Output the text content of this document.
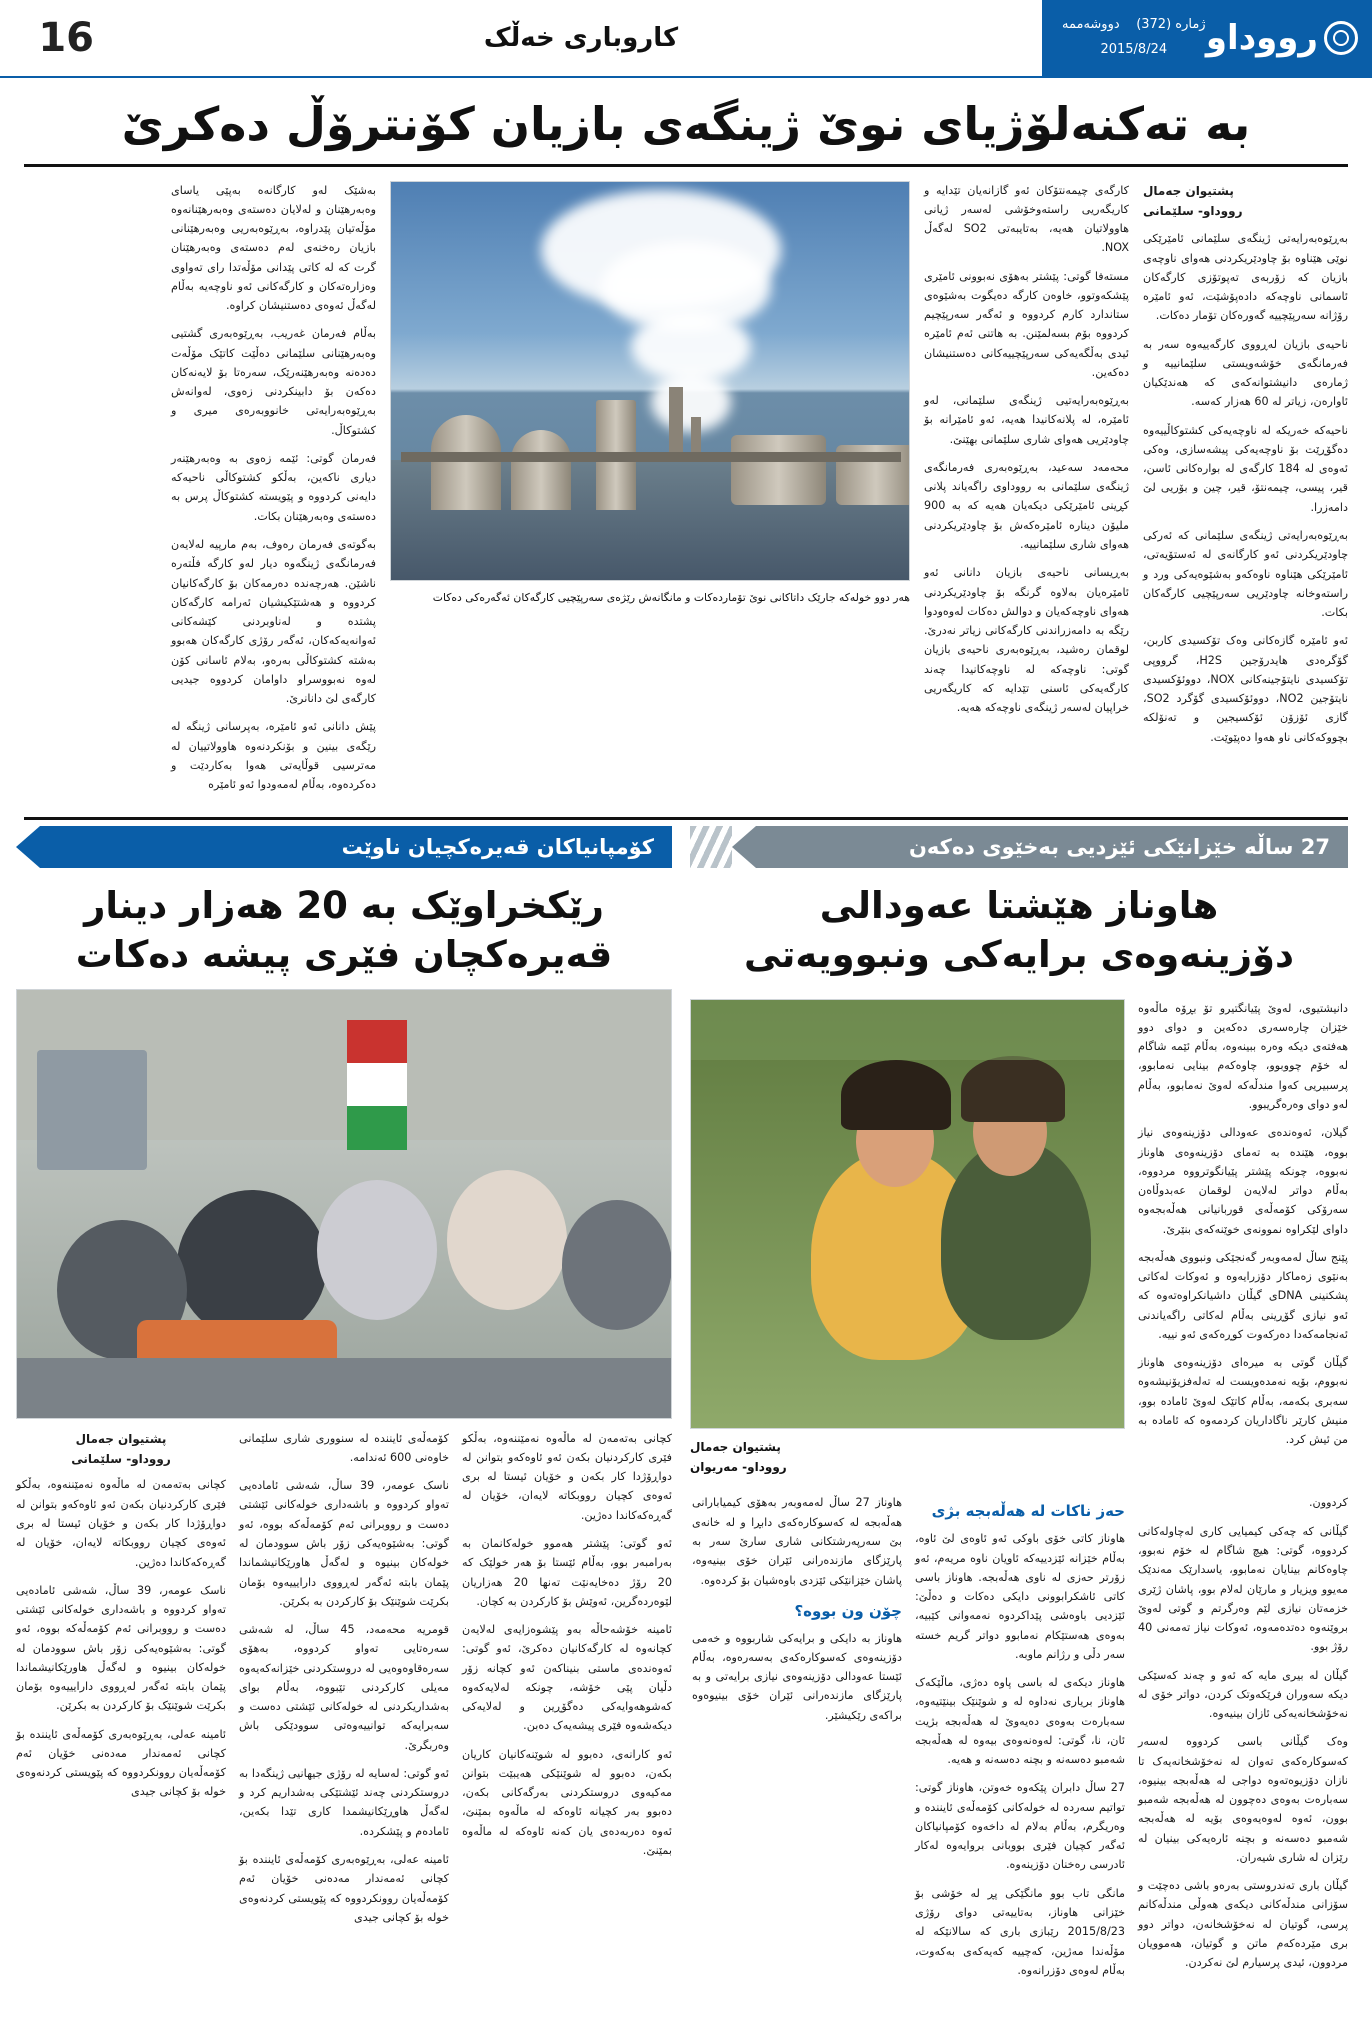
رووداو
ژمارە (372)    دووشەممە
2015/8/24
کاروباری خەڵک
16
بە تەکنەلۆژیای نوێ ژینگەی بازیان کۆنترۆڵ دەکرێ
پشتیوان جەمال
رووداو- سلێمانی

بەڕێوەبەرایەتی ژینگەی سلێمانی ئامێرێکی نوێی هێناوە بۆ چاودێریکردنی هەوای ناوچەی بازیان کە زۆربەی تەپوتۆزی کارگەکان ئاسمانی ناوچەکە دادەپۆشێت، ئەو ئامێرە رۆژانە سەرپێچییە گەورەکان تۆمار دەکات.

ناحیەی بازیان لەڕووی کارگەییەوە سەر بە فەرمانگەی خۆشەویستی سلێمانییە و ژمارەی دانیشتوانەکەی کە هەندێکیان ئاوارەن، زیاتر لە 60 هەزار کەسە.

ناحیەکە خەریکە لە ناوچەیەکی کشتوکاڵییەوە دەگۆڕێت بۆ ناوچەیەکی پیشەسازی، وەکی ئەوەی لە 184 کارگەی لە بوارەکانی ئاسن، قیر، پیسی، چیمەنتۆ، قیر، چین و بۆریی لێ دامەزرا.

بەڕێوەبەرایەتی ژینگەی سلێمانی کە ئەرکی چاودێریکردنی ئەو کارگانەی لە ئەستۆیەتی، ئامێرێکی هێناوە ناوەکەو بەشێوەیەکی ورد و راستەوخانە چاودێریی سەرپێچیی کارگەکان بکات.

ئەو ئامێرە گازەکانی وەک تۆکسیدی کاربن، گۆگرەدی هایدرۆجین H2S، گرووپی تۆکسیدی نایتۆجینەکانی NOX، دووئۆکسیدی نایتۆجین NO2، دووئۆکسیدی گۆگرد SO2، گازی ئۆزۆن ئۆکسیجین و تەنۆلکە بچووکەکانی ناو هەوا دەپێوێت.

کارگەی چیمەنتۆکان ئەو گازانەیان تێدایە و کاریگەریی راستەوخۆشی لەسەر ژیانی هاوولاتیان هەیە، بەتایبەتی SO2 لەگەڵ NOX.

مستەفا گوتی: پێشتر بەهۆی نەبوونی ئامێری پێشکەوتوو، خاوەن کارگە دەیگوت بەشێوەی ستاندارد کارم کردووە و ئەگەر سەرپێچیم کردووە بۆم بسەلمێنن. بە هاتنی ئەم ئامێرە ئیدی بەڵگەیەکی سەرپێچییەکانی دەستنیشان دەکەین.

بەڕێوەبەرایەتیی ژینگەی سلێمانی، لەو ئامێرە، لە پلانەکانیدا هەیە، ئەو ئامێرانە بۆ چاودێریی هەوای شاری سلێمانی بهێنێ.

محەمەد سەعید، بەڕێوەبەری فەرمانگەی ژینگەی سلێمانی بە رووداوی راگەیاند پلانی کڕینی ئامێرێکی دیکەیان هەیە کە بە 900 ملیۆن دینارە ئامێرەکەش بۆ چاودێریکردنی هەوای شاری سلێمانییە.

بەڕیسانی ناحیەی بازیان دانانی ئەو ئامێرەیان بەلاوە گرنگە بۆ چاودێریکردنی هەوای ناوچەکەیان و دوالش دەکات لەوەودوا رێگە بە دامەزراندنی کارگەکانی زیاتر نەدرێ. لوقمان رەشید، بەڕێوەبەری ناحیەی بازیان گوتی: ناوچەکە لە ناوچەکانیدا چەند کارگەیەکی ئاسنی تێدایە کە کاریگەریی خراپیان لەسەر ژینگەی ناوچەکە هەیە.

هەر دوو خولەکە جارێک داتاکانی نوێ تۆماردەکات و مانگانەش رێژەی سەرپێچیی کارگەکان ئەگەرەکی دەکات

بەشێک لەو کارگانەە بەپێی یاسای وەبەرهێنان و لەلایان دەستەی وەبەرهێنانەوە مۆڵەتیان پێدراوە، بەڕێوەبەریی وەبەرهێنانی بازیان رەخنەی لەم دەستەی وەبەرهێنان گرت کە لە کاتی پێدانی مۆڵەتدا رای تەواوی وەزارەتەکان و کارگەکانی ئەو ناوچەیە بەڵام لەگەڵ ئەوەی دەستنیشان کراوە.

بەڵام فەرمان غەریب، بەڕێوەبەری گشتیی وەبەرهێنانی سلێمانی دەڵێت کاتێک مۆڵەت دەدەنە وەبەرهێنەرێک، سەرەتا بۆ لایەنەکان دەکەن بۆ دابینکردنی زەوی، لەوانەش بەڕێوەبەرایەتی خانووبەرەی میری و کشتوکاڵ.

فەرمان گوتی: ئێمە زەوی بە وەبەرهێنەر دیاری ناکەین، بەڵکو کشتوکاڵی ناحیەکە دایەنی کردووە و پێویستە کشتوکاڵ پرس بە دەستەی وەبەرهێنان بکات.

بەگوتەی فەرمان رەوف، بەم مارپیە لەلایەن فەرمانگەی ژینگەوە دیار لەو کارگە فڵتەرە ناشێن. هەرچەندە دەرمەکان بۆ کارگەکانیان کردووە و هەشتێکیشیان ئەرامە کارگەکان پشتدە و لەناوبردنی کێشەکانی ئەوانەیەکەکان، ئەگەر رۆژی کارگەکان هەبوو بەشتە کشتوکاڵی بەرەو، بەلام ئاسانی کۆن لەوە نەبووسراو داوامان کردووە جیدیی کارگەی لێ دانانرێ.

پێش دانانی ئەو ئامێرە، بەپرسانی ژینگە لە رێگەی بینین و بۆنکردنەوە هاوولاتییان لە مەترسیی قوڵایەتی هەوا بەکاردێت و دەکردەوە، بەڵام لەمەودوا ئەو ئامێرە

27 ساڵە خێزانێکی ئێزدیی بەخێوی دەکەن
هاوناز هێشتا عەودالی
دۆزینەوەی برایەکی ونبوویەتی

دانیشتیوی، لەوێ پێیانگتیرو تۆ بڕۆە ماڵەوە خێزان چارەسەری دەکەین و دوای دوو هەفتەی دیکە وەرە ببینەوە، بەڵام ئێمە شاگام لە خۆم چووبوو، چاوەکەم بینایی نەمابوو، پرسبیریی کەوا مندڵەکە لەوێ نەمابوو، بەڵام لەو دوای وەرەگریبوو.

گیلان، ئەوەندەی عەودالی دۆزینەوەی نیاز بووە، هێندە بە تەمای دۆزینەوەی هاوناز نەبووە، چونکە پێشتر پێیانگوترووە مردووە، بەڵام دواتر لەلایەن لوقمان عەبدوڵاەن سەرۆکی کۆمەڵەی قوربانیانی هەڵەبجەوە داوای لێکراوە نموونەی خوێنەکەی بنێرێ.

پێنج ساڵ لەمەوبەر گەنجێکی ونبووی هەڵەبجە بەنێوی زەماکار دۆزرایەوە و ئەوکات لەکاتی پشکنینی DNAی گیڵان داشیانکراوەتەوە کە ئەو نیازی گۆڕینی بەڵام لەکاتی راگەیاندنی ئەنجامەکەدا دەرکەوت کوڕەکەی ئەو نییە.

گیڵان گوتی بە میرەای دۆزینەوەی هاوناز نەبووم، بۆیە نەمدەویست لە تەلەفزیۆنیشەوە سەبری بکەمە، بەڵام کاتێک لەوێ ئامادە بوو، منیش کارێر ناگاداریان کردمەوە کە ئامادە بە من ئیش کرد.

پشتیوان جەمال
رووداو- مەریوان

کردوون.

گیڵانی کە چەکی کیمیایی کاری لەچاولەکانی کردووە، گوتی: هیچ شاگام لە خۆم نەبوو، چاوەکانم بینایان نەمابوو، یاسدارێک مەندێک مەیوو ویزیار و مارێان لەلام بوو، پاشان ژێری خزمەتان نیازی لێم وەرگرتم و گوتی لەوێ بروێنەوە دەتدەمەوە، ئەوکات نیاز تەمەنی 40 رۆژ بوو.

گیڵان لە بیری مایە کە ئەو و چەند کەسێکی دیکە سەوران فرێکەوتک کردن، دواتر خۆی لە نەخۆشخانەیەکی ئازان بینیەوە.

وەک گیڵانی باسی کردووە لەسەر کەسوکارەکەی تەوان لە نەخۆشخانەیەک تا نازان دۆزیوەتەوە دواجی لە هەڵەبجە بینیوە، سەبارەت بەوەی دەچوون لە هەڵەبجە شەمبو بوون، ئەوە لەوەیەوەی بۆیە لە هەڵەبجە شەمبو دەسەنە و بچنە ئارەیەکی بینیان لە رێزان لە شاری شیەران.

گیڵان باری تەندروستی بەرەو باشی دەچێت و سۆزانی مندڵەکانی دیکەی هەوڵی مندڵەکانم پرسی، گوتیان لە نەخۆشخانەن، دواتر دوو بری مێردەکەم ماتن و گوتیان، هەموویان مردوون، ئیدی پرسیارم لێ نەکردن.

حەز ناکات لە هەڵەبجە بژی

هاوناز کاتی خۆی باوکی ئەو ئاوەی لێ ئاوە، بەڵام خێزانە ئێزدییەکە ئاویان ناوە مریەم، ئەو زۆرتر حەزی لە ناوی هەڵەبجە. هاوناز باسی کاتی ئاشکرابوونی دایکی دەکات و دەڵێ: ئێزدیی باوەشی پێداکردوە نەمەوانی کێبیە، بەوەی هەستێکام نەمابوو دواتر گریم خستە سەر دڵی و رژانم ماوبە.

هاوناز دیکەی لە باسی پاوە دەژی، ماڵێکەک هاوناز بریاری نەداوە لە و شوێنێک بینێتیەوە، سەبارەت بەوەی دەیەوێ لە هەڵەبجە بژیت ئان، نا، گوتی: لەوەنەوەی بیەوە لە هەڵەبجە شەمبو دەسەنە و بچنە دەسەنە و هەیە.

27 ساڵ دابران پێکەوە خەوتن، هاوناز گوتی: تواتیم سەردە لە خولەکانی کۆمەڵەی ئاینندە و وەریگرم، بەڵام بەلام لە داخەوە کۆمپانیاکان ئەگەر کچیان فێری بووبانی بروایەوە لەکار ئادرسی رەخنان دۆزینەوە.

مانگی تاب بوو مانگێکی پڕ لە خۆشی بۆ خێزانی هاوناز، بەتاییەتی دوای رۆژی 2015/8/23 رێبازی باری کە سالانێکە لە مۆڵەندا مەژین، کەچییە کەیەکەی بەکەوت، بەڵام لەوەی دۆزرانەوە.

هاوناز 27 ساڵ لەمەوبەر بەهۆی کیمیابارانی هەڵەبجە لە کەسوکارەکەی دابڕا و لە خانەی بێ سەرپەرشتکانی شاری سارێ سەر بە پارێزگای مازندەرانی ئێران خۆی بینیەوە، پاشان خێزانێکی ئێزدی باوەشیان بۆ کردەوە.

چۆن ون بووە؟

هاوناز بە دایکی و برایەکی شاربووە و خەمی دۆزینەوەی کەسوکارەکەی بەسەرەوە، بەڵام ئێستا عەودالی دۆزینەوەی نیازی برایەتی و بە پارێزگای مازندەرانی ئێران خۆی بینیوەوە براکەی رێکیشێر.

کۆمپانیاکان قەیرەکچیان ناوێت
رێکخراوێک بە 20 هەزار دینار
قەیرەکچان فێری پیشە دەکات

کچانی بەتەمەن لە ماڵەوە نەمێننەوە، بەڵکو فێری کارکردنیان بکەن ئەو ئاوەکەو بتوانن لە دواڕۆژدا کار بکەن و خۆیان ئیستا لە بری ئەوەی کچیان رووبکاتە لایەان، خۆیان لە گەڕەکەکاندا دەژین.

ئەو گوتی: پێشتر هەموو خولەکانمان بە بەرامبەر بوو، بەڵام ئێستا بۆ هەر خولێک کە 20 رۆژ دەخایەنێت تەنها 20 هەزاریان لێوەردەگرین، ئەوێش بۆ کارکردن بە کچان.

ئامینە خۆشەحاڵە بەو پێشوەزایەی لەلایەن کچانەوە لە کارگەکانیان دەکرێ، ئەو گوتی: ئەوەندەی ماستی بنیناکەن ئەو کچانە زۆر دڵیان پێی خۆشە، چونکە لەلایەکەوە کەشوهەوایەکی دەگۆڕین و لەلایەکی دیکەشەوە فێری پیشەیەک دەبن.

ئەو کارانەی، دەبوو لە شوێنەکانیان کاریان بکەن، دەبوو لە شوێنێکی هەیبێت بتوانن مەکیەوی دروستکردنی بەرگەکانی بکەن، دەبوو بەر کچیانە ئاوەکە لە ماڵەوە بمێنێ، ئەوە دەربەدەی یان کەنە ئاوەکە لە ماڵەوە بمێنێ.

کۆمەڵەی ئاینندە لە سنووری شاری سلێمانی خاوەنی 600 ئەندامە.

ناسک عومەر، 39 ساڵ، شەشی ئامادەیی تەواو کردووە و باشەداری خولەکانی ئێشتی دەست و رووبرانی ئەم کۆمەڵەکە بووە، ئەو گوتی: بەشێوەیەکی زۆر باش سوودمان لە خولەکان بینیوە و لەگەڵ هاورێکانیشماندا پێمان بابتە ئەگەر لەڕووی دارایییەوە بۆمان بکرێت شوێنێک بۆ کارکردن بە بکرێن.

قومریە محەمەد، 45 ساڵ، لە شەشی سەرەتایی تەواو کردووە، بەهۆی سەرەقاوەوەیی لە دروستکردنی خێزانەکەیەوە مەیلی کارکردنی تێبووە، بەڵام بوای بەشداریکردنی لە خولەکانی ئێشتی دەست و سەبرایەکە توانییەوەتی سوودێکی باش وەربگرێ.

ئەو گوتی: لەسایە لە رۆژی جیهانیی ژینگەدا بە دروستکردنی چەند ئێشتێکی بەشداریم کرد و لەگەڵ هاوڕێکانیشمدا کاری تێدا بکەین، ئامادەم و پێشکردە.

ئامینە عەلی، بەڕێوەبەری کۆمەڵەی ئاینندە بۆ کچانی ئەمەندار مەدەنی خۆیان ئەم کۆمەڵەیان روونکردووە کە پێویستی کردنەوەی خولە بۆ کچانی جیدی

پشتیوان جەمال
رووداو- سلێمانی

کچانی بەتەمەن لە ماڵەوە نەمێننەوە، بەڵکو فێری کارکردنیان بکەن ئەو ئاوەکەو بتوانن لە دواڕۆژدا کار بکەن و خۆیان ئیستا لە بری ئەوەی کچیان رووبکاتە لایەان، خۆیان لە گەڕەکەکاندا دەژین.

ناسک عومەر، 39 ساڵ، شەشی ئامادەیی تەواو کردووە و باشەداری خولەکانی ئێشتی دەست و رووبرانی ئەم کۆمەڵەکە بووە، ئەو گوتی: بەشێوەیەکی زۆر باش سوودمان لە خولەکان بینیوە و لەگەڵ هاورێکانیشماندا پێمان بابتە ئەگەر لەڕووی دارایییەوە بۆمان بکرێت شوێنێک بۆ کارکردن بە بکرێن.

ئامینە عەلی، بەڕێوەبەری کۆمەڵەی ئاینندە بۆ کچانی ئەمەندار مەدەنی خۆیان ئەم کۆمەڵەیان روونکردووە کە پێویستی کردنەوەی خولە بۆ کچانی جیدی
